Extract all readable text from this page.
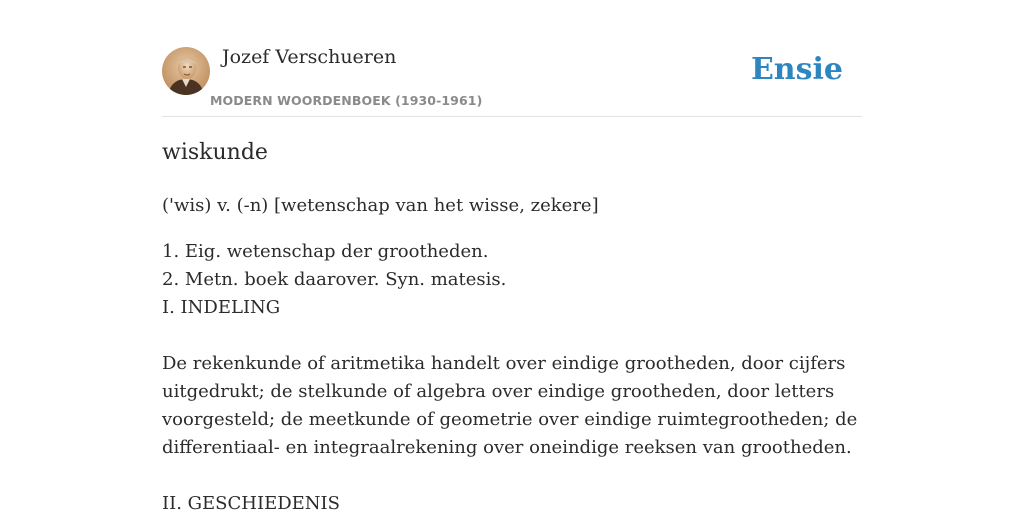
Jozef Verschueren
MODERN WOORDENBOEK (1930-1961)
Ensie
wiskunde

('wis) v. (-n) [wetenschap van het wisse, zekere]

1. Eig. wetenschap der grootheden.

2. Metn. boek daarover. Syn. matesis.

I. INDELING

De rekenkunde of aritmetika handelt over eindige grootheden, door cijfers uitgedrukt; de stelkunde of algebra over eindige grootheden, door letters voorgesteld; de meetkunde of geometrie over eindige ruimtegrootheden; de differentiaal- en integraalrekening over oneindige reeksen van grootheden.

II. GESCHIEDENIS
